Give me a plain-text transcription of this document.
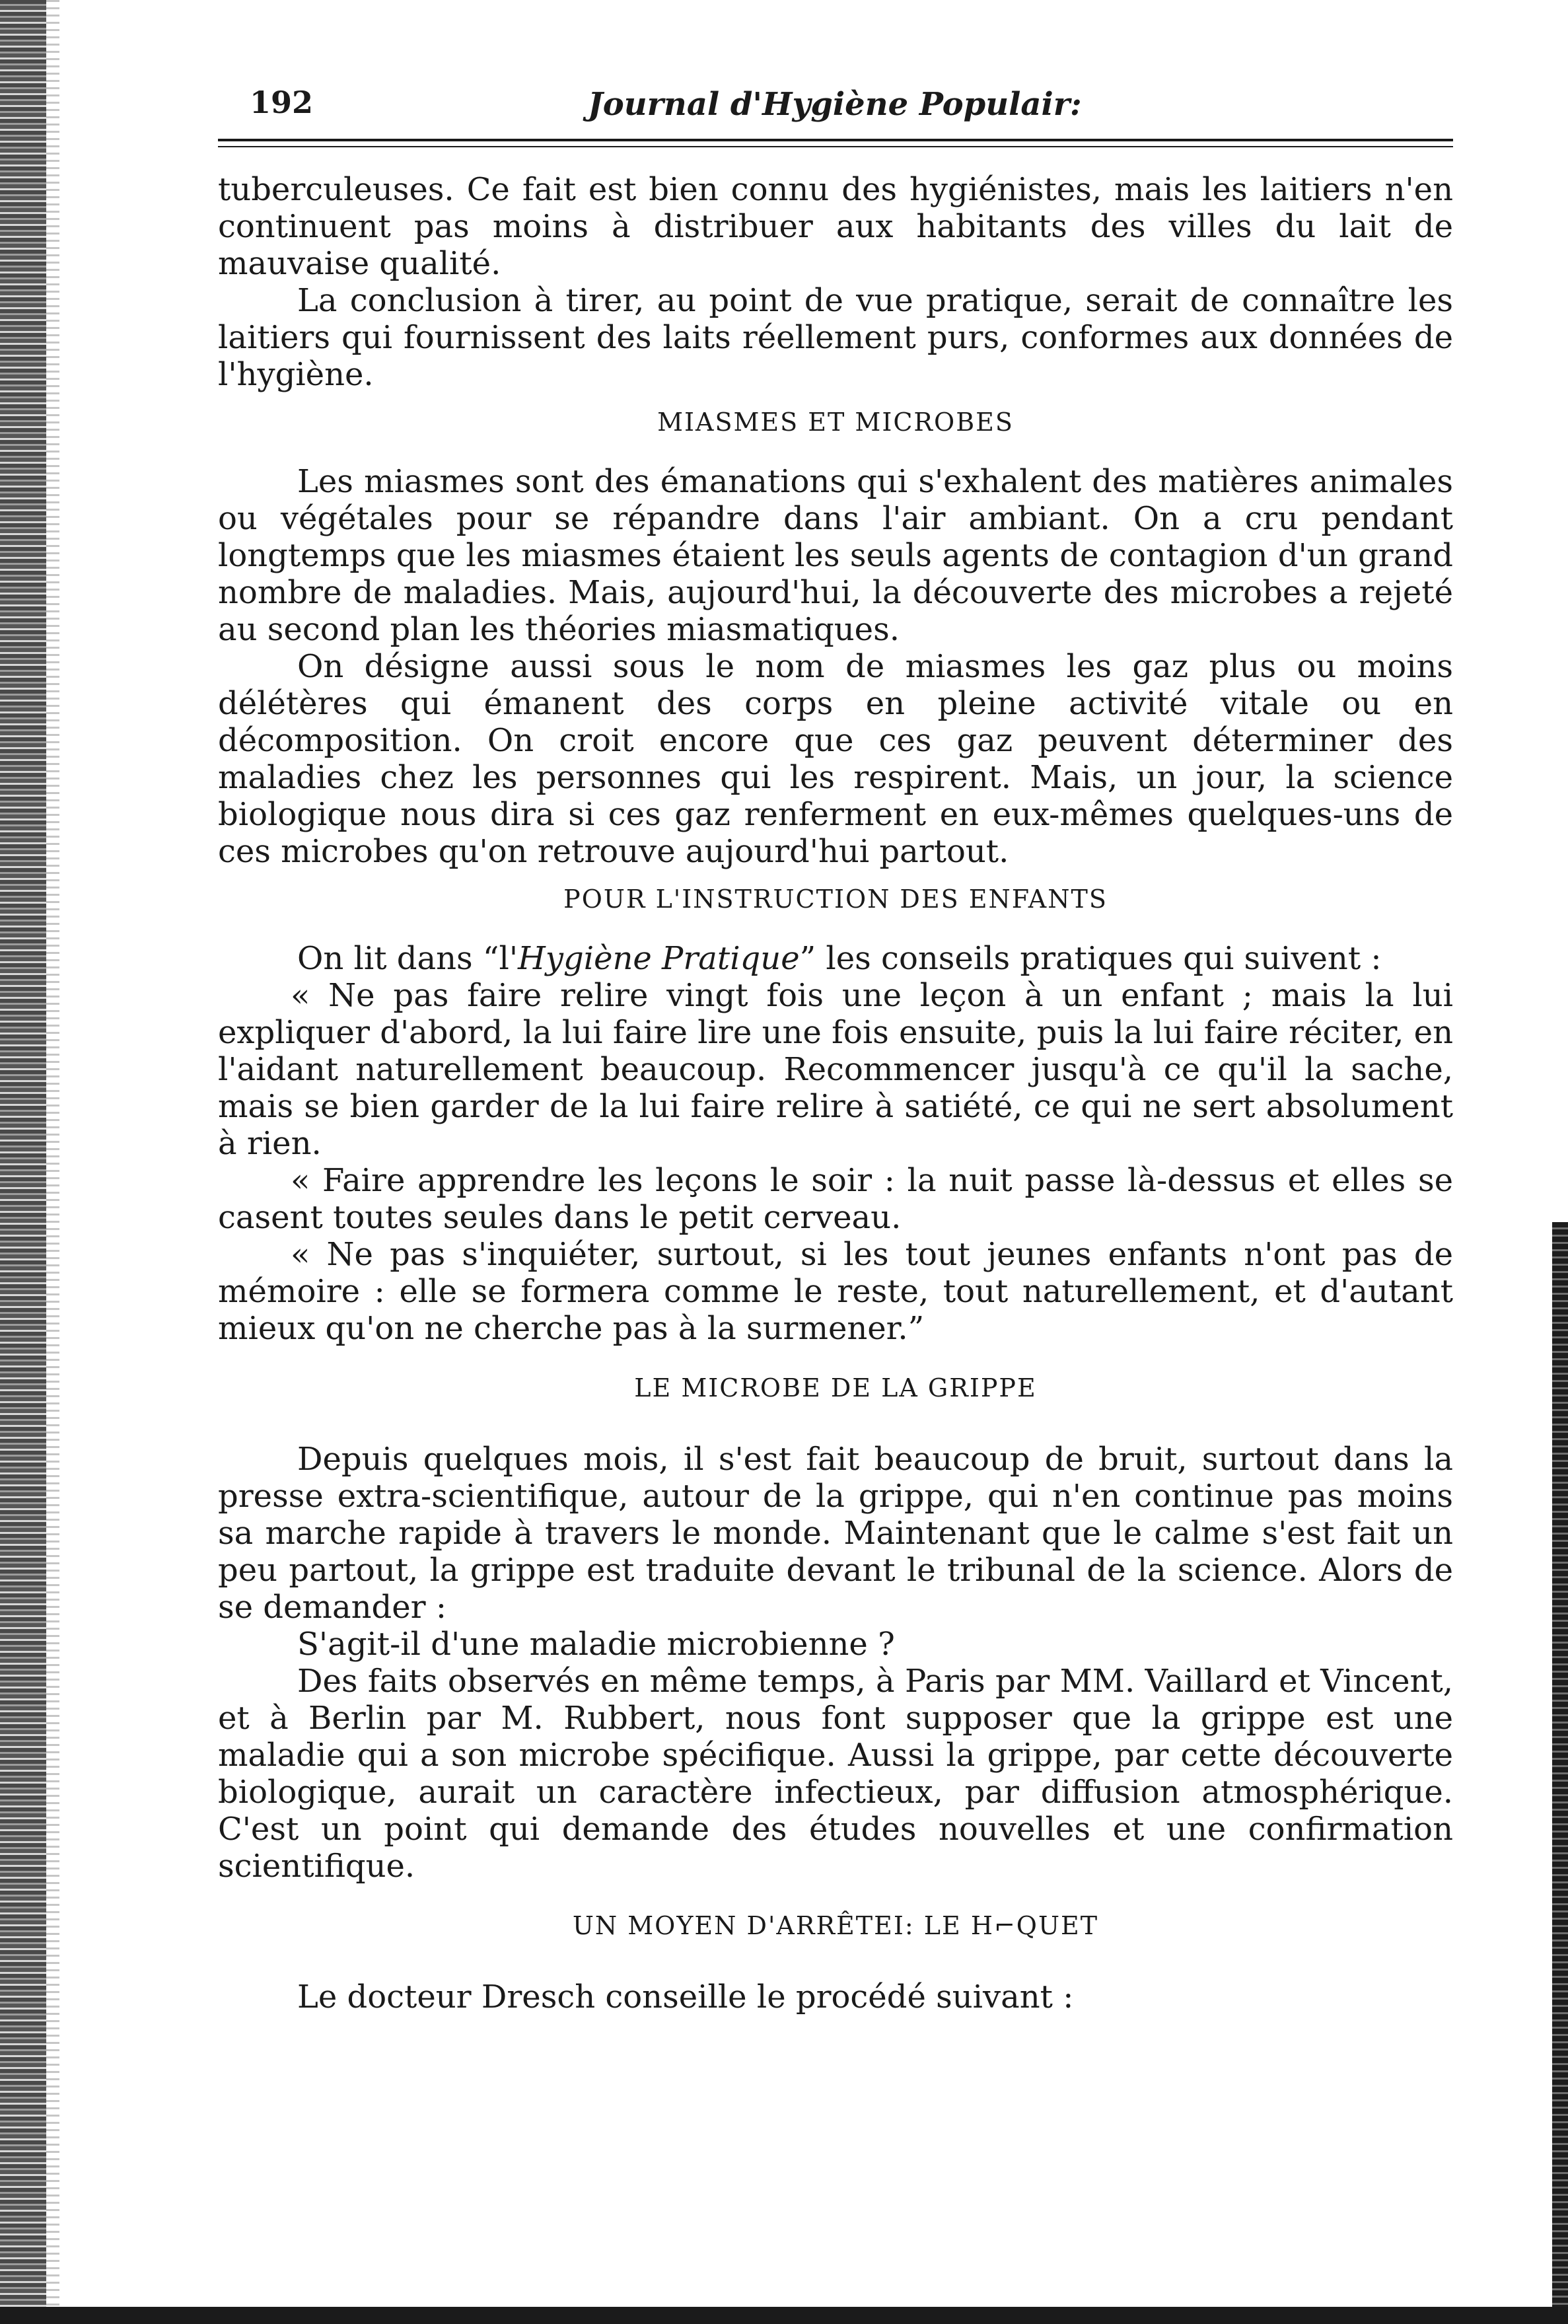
192	Journal d'Hygiène Populair:

tuberculeuses. Ce fait est bien connu des hygiénistes, mais les laitiers n'en continuent pas moins à distribuer aux habitants des villes du lait de mauvaise qualité.

La conclusion à tirer, au point de vue pratique, serait de connaître les laitiers qui fournissent des laits réellement purs, conformes aux données de l'hygiène.

MIASMES ET MICROBES

Les miasmes sont des émanations qui s'exhalent des matières animales ou végétales pour se répandre dans l'air ambiant. On a cru pendant longtemps que les miasmes étaient les seuls agents de contagion d'un grand nombre de maladies. Mais, aujourd'hui, la découverte des microbes a rejeté au second plan les théories miasmatiques.

On désigne aussi sous le nom de miasmes les gaz plus ou moins délétères qui émanent des corps en pleine activité vitale ou en décomposition. On croit encore que ces gaz peuvent déterminer des maladies chez les personnes qui les respirent. Mais, un jour, la science biologique nous dira si ces gaz renferment en eux-mêmes quelques-uns de ces microbes qu'on retrouve aujourd'hui partout.

POUR L'INSTRUCTION DES ENFANTS

On lit dans “l'Hygiène Pratique” les conseils pratiques qui suivent :

« Ne pas faire relire vingt fois une leçon à un enfant ; mais la lui expliquer d'abord, la lui faire lire une fois ensuite, puis la lui faire réciter, en l'aidant naturellement beaucoup. Recommencer jusqu'à ce qu'il la sache, mais se bien garder de la lui faire relire à satiété, ce qui ne sert absolument à rien.

« Faire apprendre les leçons le soir : la nuit passe là-dessus et elles se casent toutes seules dans le petit cerveau.

« Ne pas s'inquiéter, surtout, si les tout jeunes enfants n'ont pas de mémoire : elle se formera comme le reste, tout naturellement, et d'autant mieux qu'on ne cherche pas à la surmener.”

LE MICROBE DE LA GRIPPE

Depuis quelques mois, il s'est fait beaucoup de bruit, surtout dans la presse extra-scientifique, autour de la grippe, qui n'en continue pas moins sa marche rapide à travers le monde. Maintenant que le calme s'est fait un peu partout, la grippe est traduite devant le tribunal de la science. Alors de se demander :

S'agit-il d'une maladie microbienne ?

Des faits observés en même temps, à Paris par MM. Vaillard et Vincent, et à Berlin par M. Rubbert, nous font supposer que la grippe est une maladie qui a son microbe spécifique. Aussi la grippe, par cette découverte biologique, aurait un caractère infectieux, par diffusion atmosphérique. C'est un point qui demande des études nouvelles et une confirmation scientifique.

UN MOYEN D'ARRÊTEI: LE H⌐QUET

Le docteur Dresch conseille le procédé suivant :
